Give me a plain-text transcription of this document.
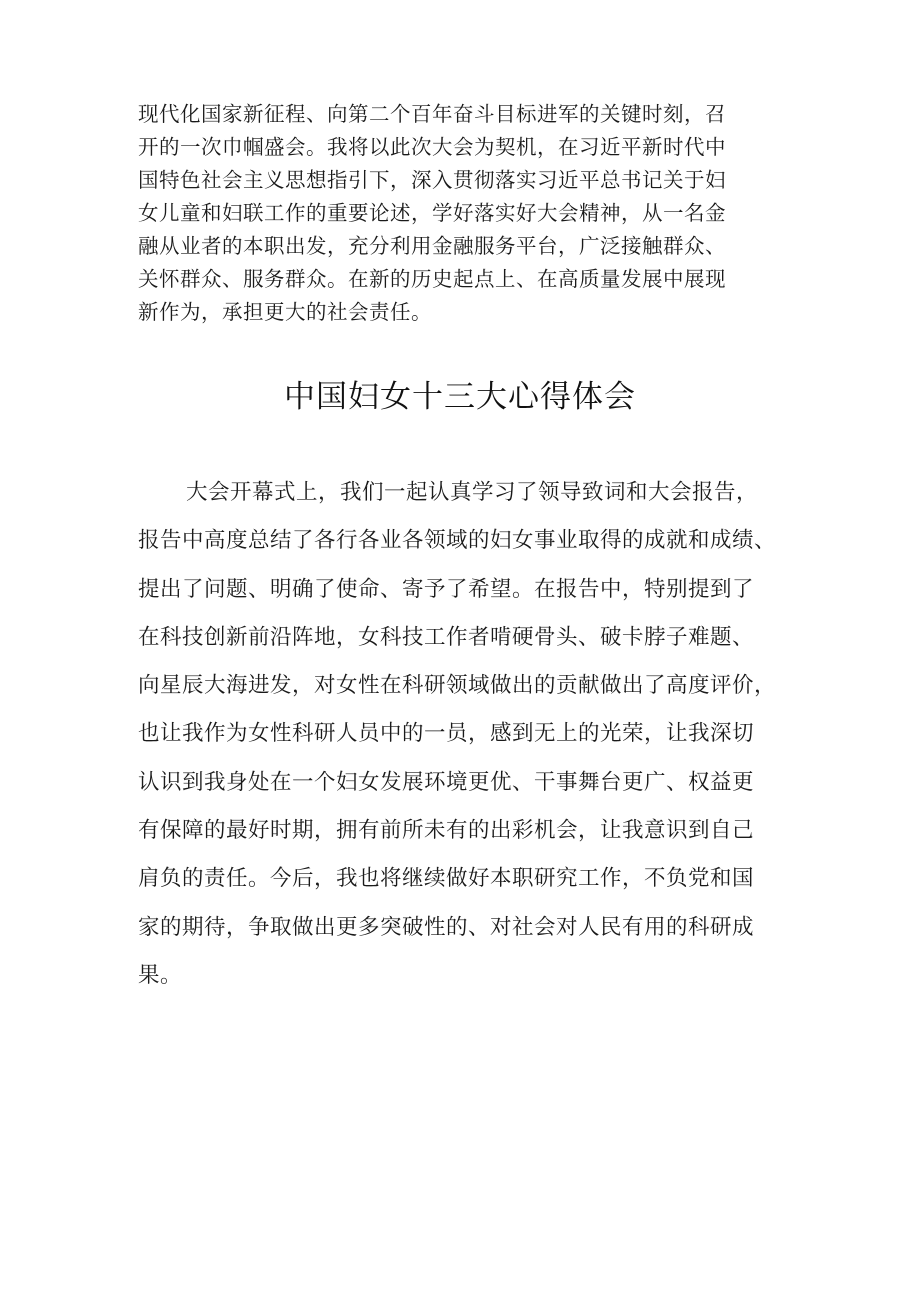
现代化国家新征程、向第二个百年奋斗目标进军的关键时刻，召
开的一次巾帼盛会。我将以此次大会为契机，在习近平新时代中
国特色社会主义思想指引下，深入贯彻落实习近平总书记关于妇
女儿童和妇联工作的重要论述，学好落实好大会精神，从一名金
融从业者的本职出发，充分利用金融服务平台，广泛接触群众、
关怀群众、服务群众。在新的历史起点上、在高质量发展中展现
新作为，承担更大的社会责任。
中国妇女十三大心得体会
大会开幕式上，我们一起认真学习了领导致词和大会报告，
报告中高度总结了各行各业各领域的妇女事业取得的成就和成绩、
提出了问题、明确了使命、寄予了希望。在报告中，特别提到了
在科技创新前沿阵地，女科技工作者啃硬骨头、破卡脖子难题、
向星辰大海进发，对女性在科研领域做出的贡献做出了高度评价，
也让我作为女性科研人员中的一员，感到无上的光荣，让我深切
认识到我身处在一个妇女发展环境更优、干事舞台更广、权益更
有保障的最好时期，拥有前所未有的出彩机会，让我意识到自己
肩负的责任。今后，我也将继续做好本职研究工作，不负党和国
家的期待，争取做出更多突破性的、对社会对人民有用的科研成
果。
